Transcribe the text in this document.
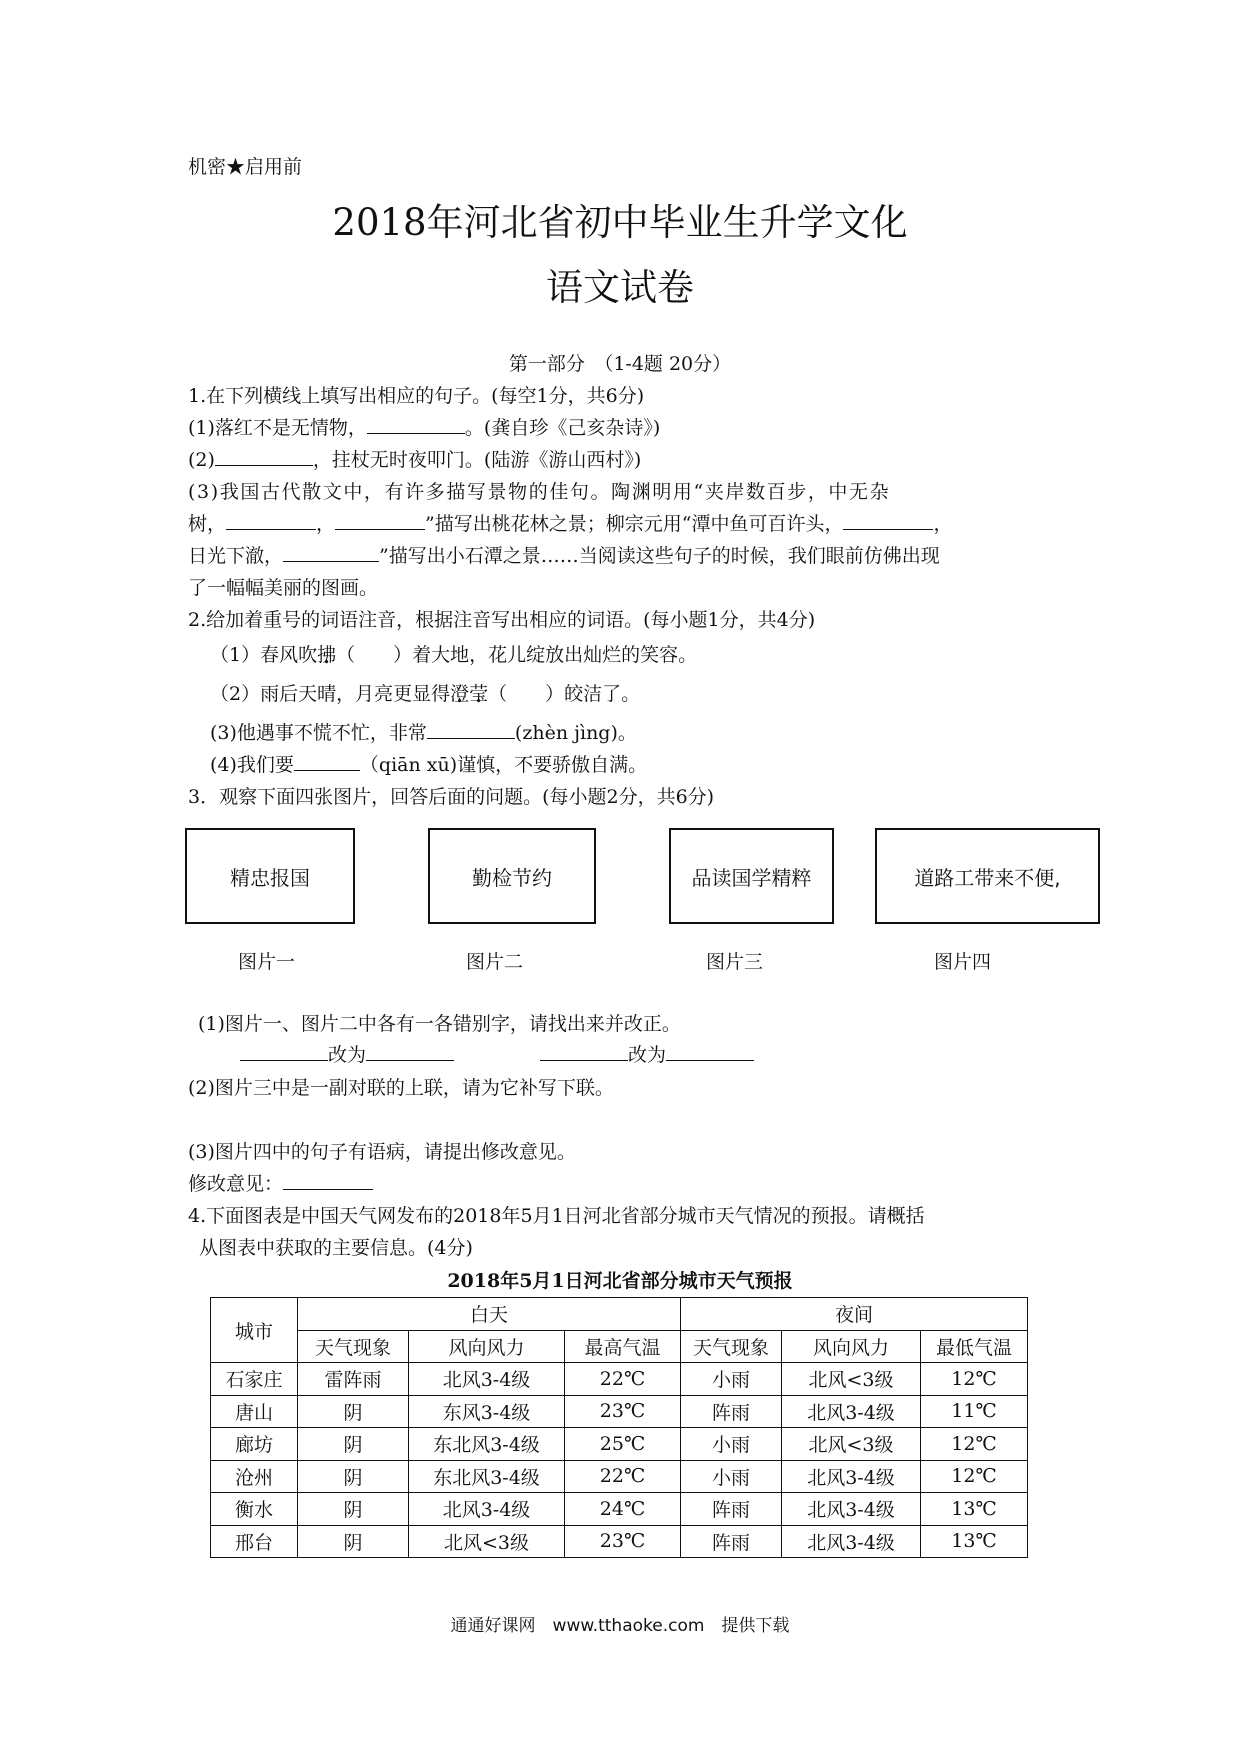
机密★启用前
2018年河北省初中毕业生升学文化
语文试卷
第一部分　（1-4题 20分）
1.在下列横线上填写出相应的句子。(每空1分，共6分)
(1)落红不是无情物，	。(龚自珍《己亥杂诗》)
(2)	，拄杖无时夜叩门。(陆游《游山西村》)
(3)我国古代散文中，有许多描写景物的佳句。陶渊明用“夹岸数百步，中无杂
树，	，	”描写出桃花林之景；柳宗元用“潭中鱼可百许头，	，
日光下澈，	”描写出小石潭之景……当阅读这些句子的时候，我们眼前仿佛出现
了一幅幅美丽的图画。
2.给加着重号的词语注音，根据注音写出相应的词语。(每小题1分，共4分)
（1）春风吹拂（　　）着大地，花儿绽放出灿烂的笑容。
（2）雨后天晴，月亮更显得澄莹（　　）皎洁了。
(3)他遇事不慌不忙，非常	(zhèn jìng)。
(4)我们要	（qiān xū)谨慎，不要骄傲自满。
3．观察下面四张图片，回答后面的问题。(每小题2分，共6分)
精忠报国	勤检节约	品读国学精粹	道路工带来不便,
图片一	图片二	图片三	图片四
(1)图片一、图片二中各有一各错别字，请找出来并改正。
改为	改为
(2)图片三中是一副对联的上联，请为它补写下联。
(3)图片四中的句子有语病，请提出修改意见。
修改意见：
4.下面图表是中国天气网发布的2018年5月1日河北省部分城市天气情况的预报。请概括
从图表中获取的主要信息。(4分)
2018年5月1日河北省部分城市天气预报
城市	白天			夜间		
	天气现象	风向风力	最高气温	天气现象	风向风力	最低气温
石家庄	雷阵雨	北风3-4级	22℃	小雨	北风<3级	12℃
唐山	阴	东风3-4级	23℃	阵雨	北风3-4级	11℃
廊坊	阴	东北风3-4级	25℃	小雨	北风<3级	12℃
沧州	阴	东北风3-4级	22℃	小雨	北风3-4级	12℃
衡水	阴	北风3-4级	24℃	阵雨	北风3-4级	13℃
邢台	阴	北风<3级	23℃	阵雨	北风3-4级	13℃
通通好课网　www.tthaoke.com　提供下载
